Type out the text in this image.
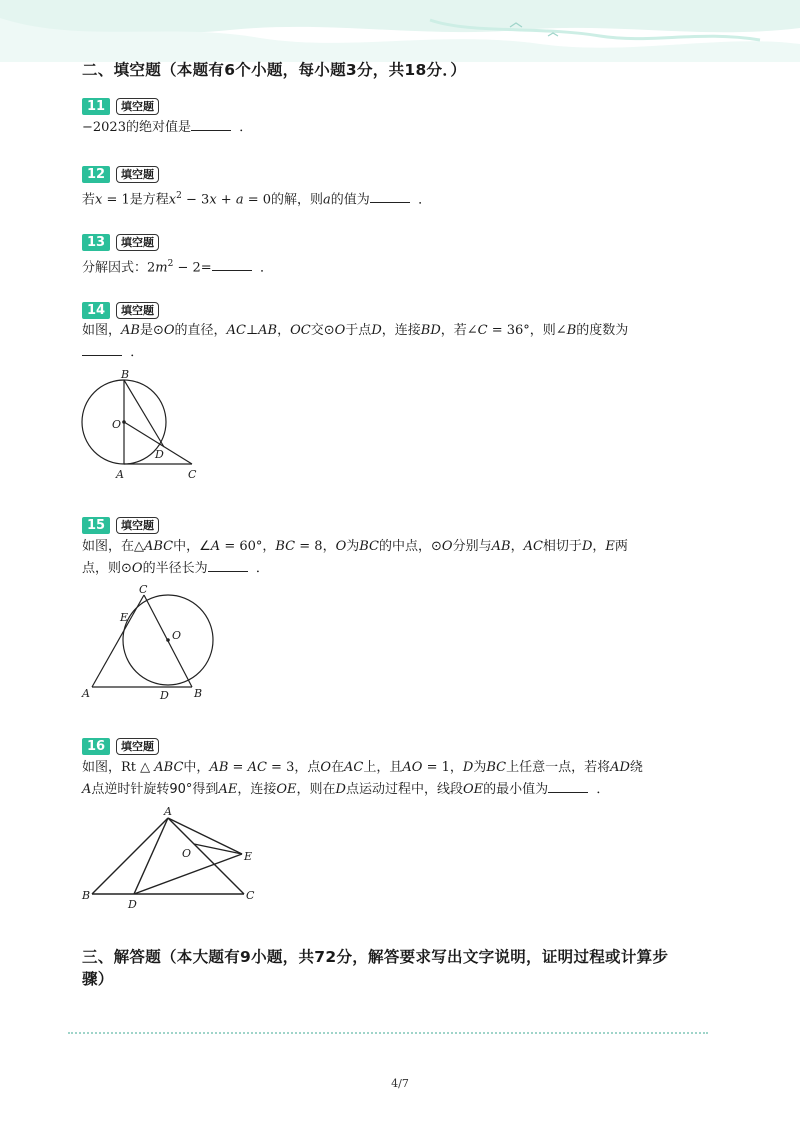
二、填空题（本题有6个小题，每小题3分，共18分．）
11	填空题
−2023的绝对值是	．
12	填空题
若x = 1是方程$x^2 - 3x + a = 0$的解，则a的值为	．
13	填空题
分解因式：$2m^2 - 2=$	．
14	填空题
如图，AB是⊙O的直径，AC⊥AB，OC交⊙O于点D，连接BD，若∠C = 36°，则∠B的度数为
．
B
O
D
A	C
15	填空题
如图，在△ABC中，∠A = 60°，BC = 8，O为BC的中点，⊙O分别与AB，AC相切于D，E两
点，则⊙O的半径长为	．
C
E
O
A	D B
16	填空题
如图，Rt △ ABC中，AB = AC = 3，点O在AC上，且AO = 1，D为BC上任意一点，若将AD绕
A点逆时针旋转90°得到AE，连接OE，则在D点运动过程中，线段OE的最小值为	．
A
O	E
B
D
C
三、解答题（本大题有9小题，共72分，解答要求写出文字说明，证明过程或计算步
骤）
4/7
